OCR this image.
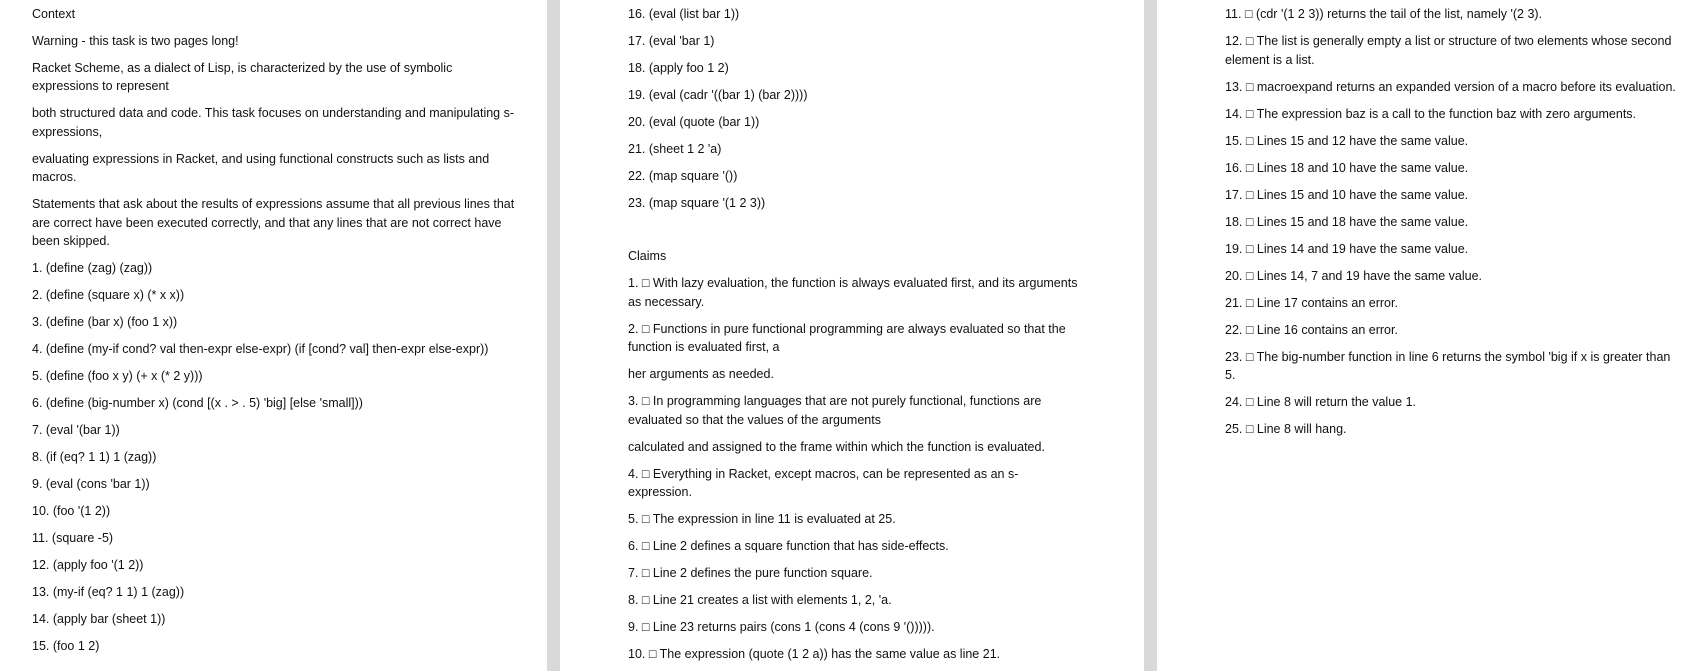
Context

Warning - this task is two pages long!

Racket Scheme, as a dialect of Lisp, is characterized by the use of symbolic expressions to represent

both structured data and code. This task focuses on understanding and manipulating s-expressions,

evaluating expressions in Racket, and using functional constructs such as lists and macros.

Statements that ask about the results of expressions assume that all previous lines that are correct have been executed correctly, and that any lines that are not correct have been skipped.

1. (define (zag) (zag))

2. (define (square x) (* x x))

3. (define (bar x) (foo 1 x))

4. (define (my-if cond? val then-expr else-expr) (if [cond? val] then-expr else-expr))

5. (define (foo x y) (+ x (* 2 y)))

6. (define (big-number x) (cond [(x . > . 5) 'big] [else 'small]))

7. (eval '(bar 1))

8. (if (eq? 1 1) 1 (zag))

9. (eval (cons 'bar 1))

10. (foo '(1 2))

11. (square -5)

12. (apply foo '(1 2))

13. (my-if (eq? 1 1) 1 (zag))

14. (apply bar (sheet 1))

15. (foo 1 2)

16. (eval (list bar 1))

17. (eval 'bar 1)

18. (apply foo 1 2)

19. (eval (cadr '((bar 1) (bar 2))))

20. (eval (quote (bar 1))

21. (sheet 1 2 'a)

22. (map square '())

23. (map square '(1 2 3))

Claims

1. □ With lazy evaluation, the function is always evaluated first, and its arguments as necessary.

2. □ Functions in pure functional programming are always evaluated so that the function is evaluated first, a

her arguments as needed.

3. □ In programming languages that are not purely functional, functions are evaluated so that the values of the arguments

calculated and assigned to the frame within which the function is evaluated.

4. □ Everything in Racket, except macros, can be represented as an s-expression.

5. □ The expression in line 11 is evaluated at 25.

6. □ Line 2 defines a square function that has side-effects.

7. □ Line 2 defines the pure function square.

8. □ Line 21 creates a list with elements 1, 2, 'a.

9. □ Line 23 returns pairs (cons 1 (cons 4 (cons 9 '())))).

10. □ The expression (quote (1 2 a)) has the same value as line 21.

11. □ (cdr '(1 2 3)) returns the tail of the list, namely '(2 3).

12. □ The list is generally empty a list or structure of two elements whose second element is a list.

13. □ macroexpand returns an expanded version of a macro before its evaluation.

14. □ The expression baz is a call to the function baz with zero arguments.

15. □ Lines 15 and 12 have the same value.

16. □ Lines 18 and 10 have the same value.

17. □ Lines 15 and 10 have the same value.

18. □ Lines 15 and 18 have the same value.

19. □ Lines 14 and 19 have the same value.

20. □ Lines 14, 7 and 19 have the same value.

21. □ Line 17 contains an error.

22. □ Line 16 contains an error.

23. □ The big-number function in line 6 returns the symbol 'big if x is greater than 5.

24. □ Line 8 will return the value 1.

25. □ Line 8 will hang.
